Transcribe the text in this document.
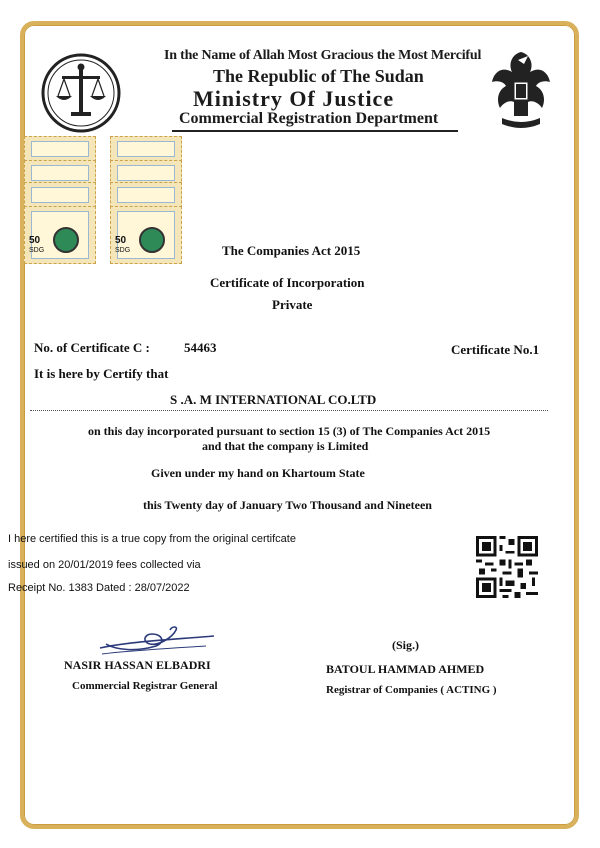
In the Name of Allah Most Gracious the Most Merciful
The Republic of The Sudan
Ministry Of Justice
Commercial Registration Department
50
SDG
50
SDG	The Companies Act 2015
Certificate of Incorporation
Private
No. of Certificate C :	54463	Certificate No.1
It is here by Certify that
S .A. M INTERNATIONAL CO.LTD
on this day incorporated pursuant to section 15 (3) of The Companies Act 2015
and that the company is Limited
Given under my hand on Khartoum State
this Twenty day of January Two Thousand and Nineteen
I here certified this is a true copy from the original certifcate
issued on 20/01/2019 fees collected via
Receipt No. 1383 Dated : 28/07/2022
NASIR HASSAN ELBADRI
Commercial Registrar General
(Sig.)
BATOUL HAMMAD AHMED
Registrar of Companies ( ACTING )
